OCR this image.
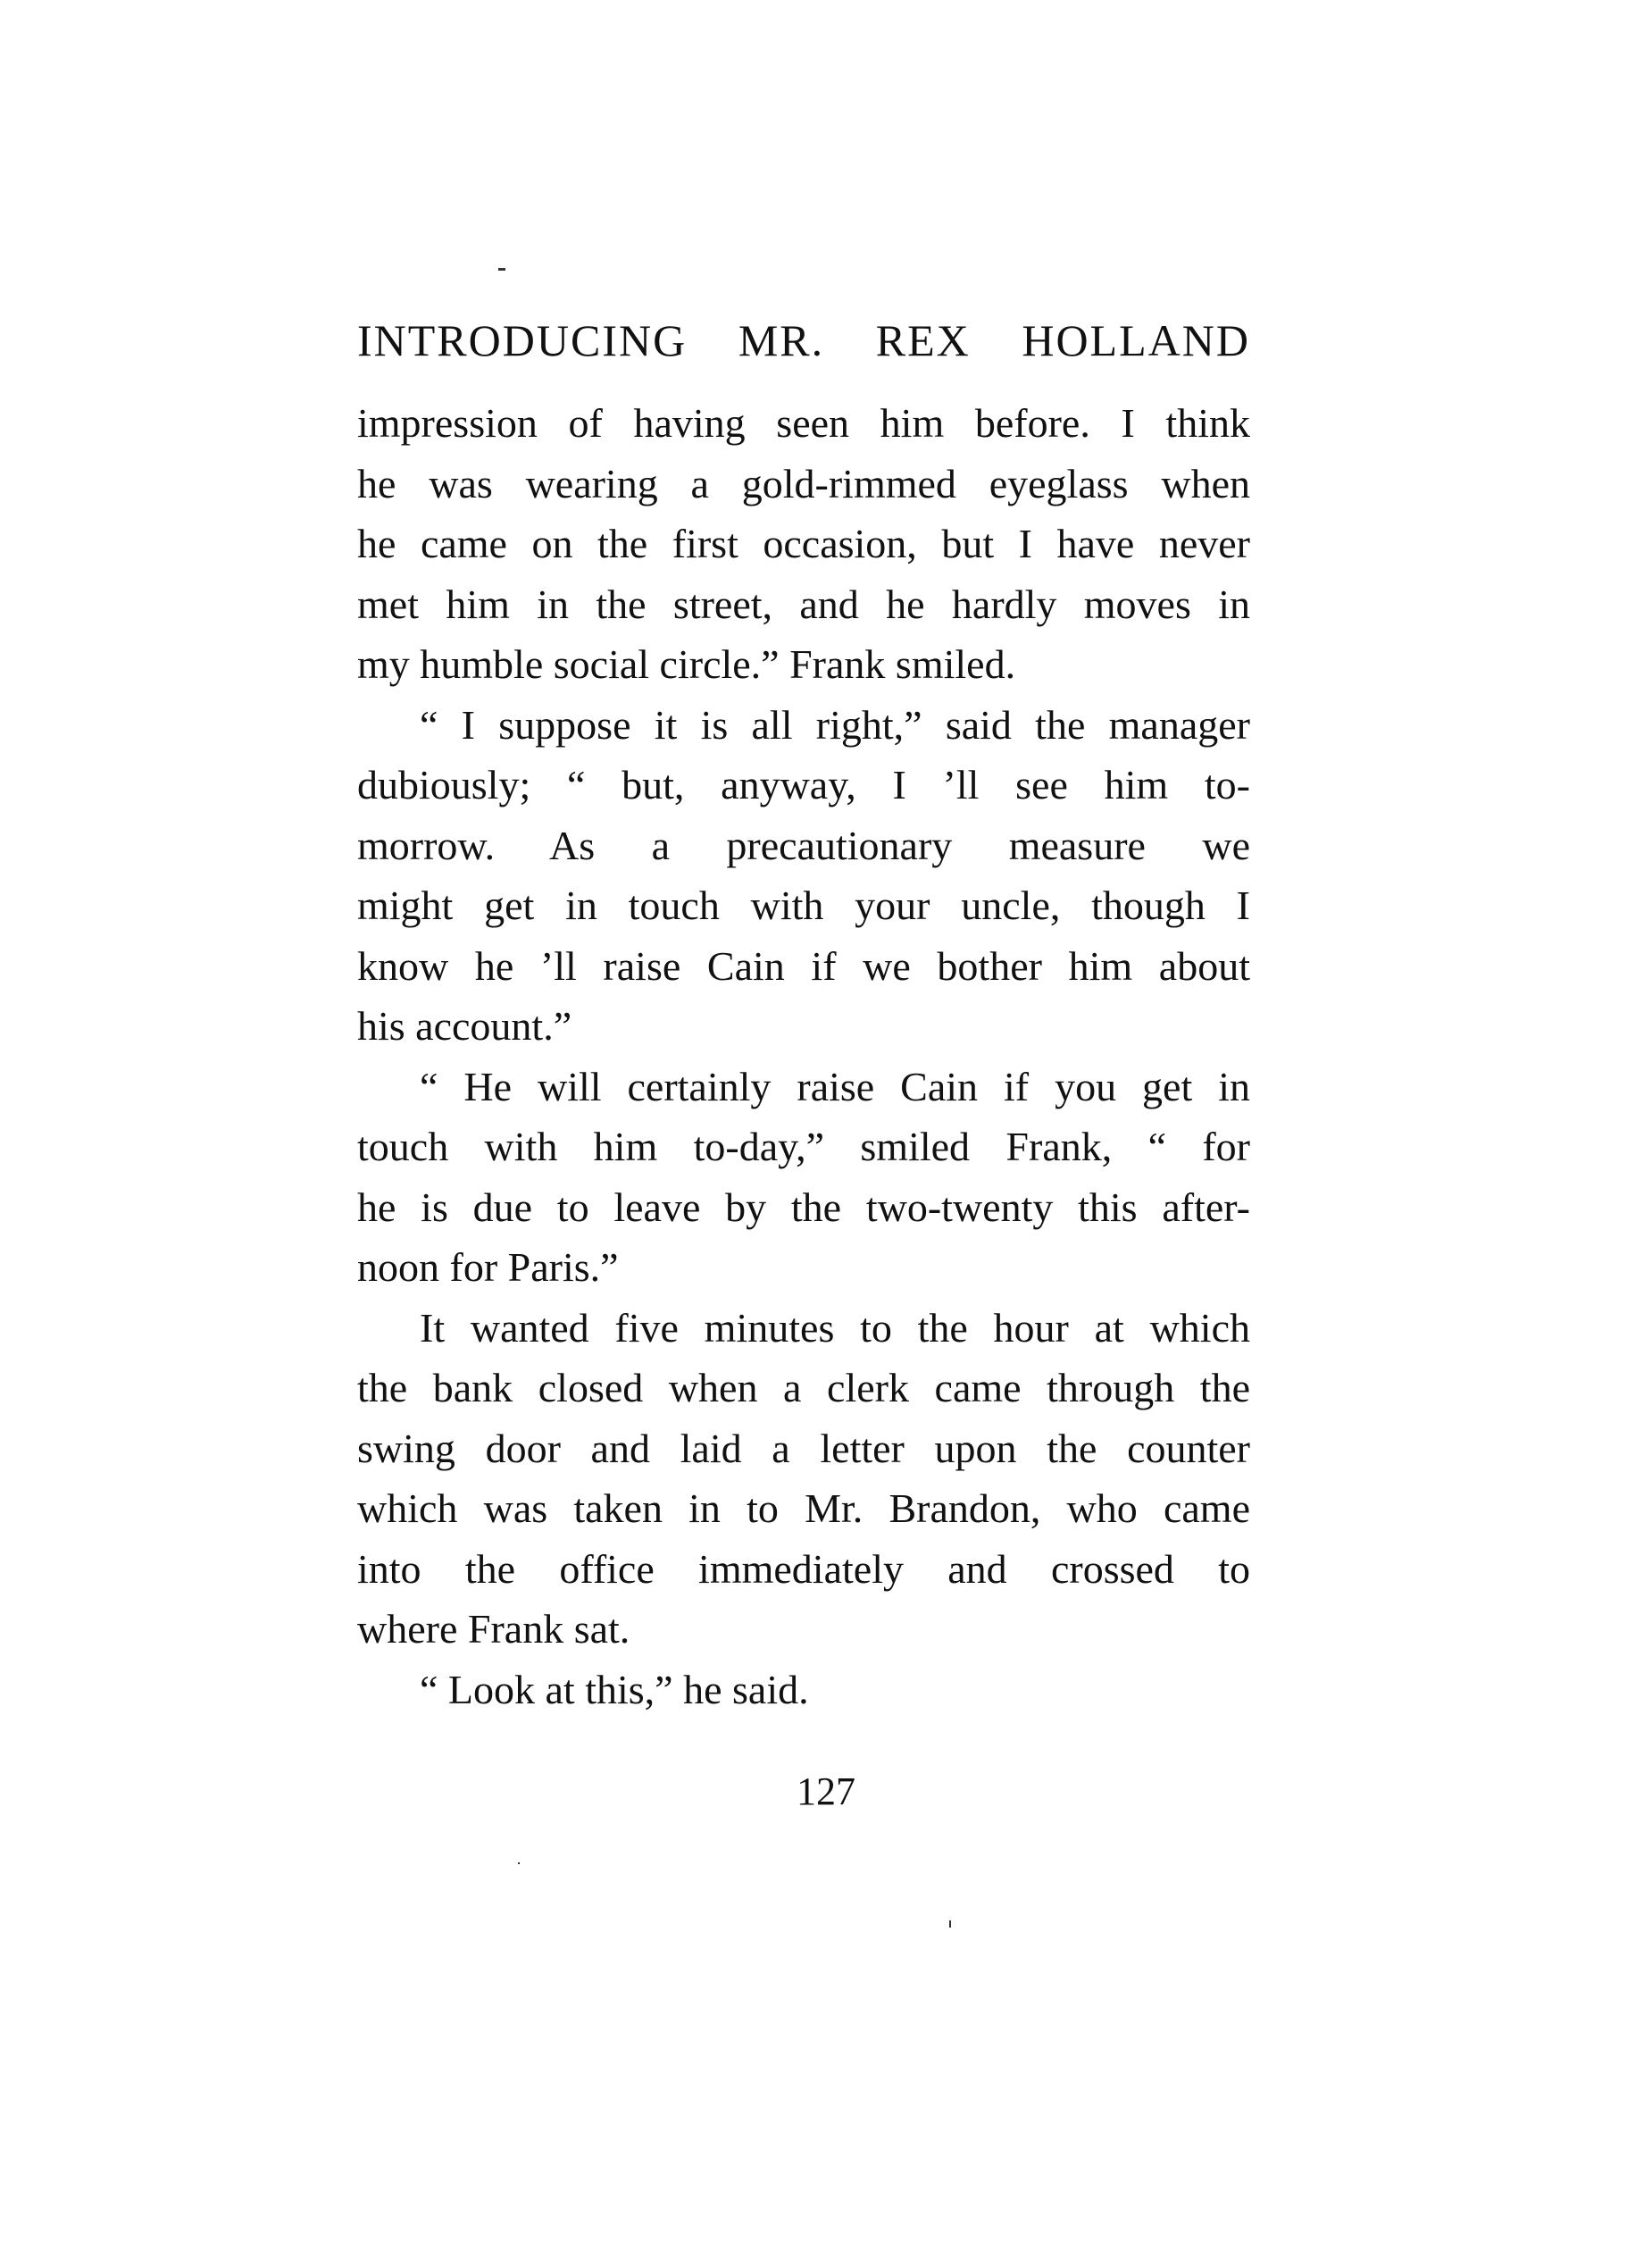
INTRODUCING MR. REX HOLLAND
impression of having seen him before. I think
he was wearing a gold-rimmed eyeglass when
he came on the first occasion, but I have never
met him in the street, and he hardly moves in
my humble social circle.” Frank smiled.
“ I suppose it is all right,” said the manager
dubiously; “ but, anyway, I ’ll see him to-
morrow. As a precautionary measure we
might get in touch with your uncle, though I
know he ’ll raise Cain if we bother him about
his account.”
“ He will certainly raise Cain if you get in
touch with him to-day,” smiled Frank, “ for
he is due to leave by the two-twenty this after-
noon for Paris.”
It wanted five minutes to the hour at which
the bank closed when a clerk came through the
swing door and laid a letter upon the counter
which was taken in to Mr. Brandon, who came
into the office immediately and crossed to
where Frank sat.
“ Look at this,” he said.
127
